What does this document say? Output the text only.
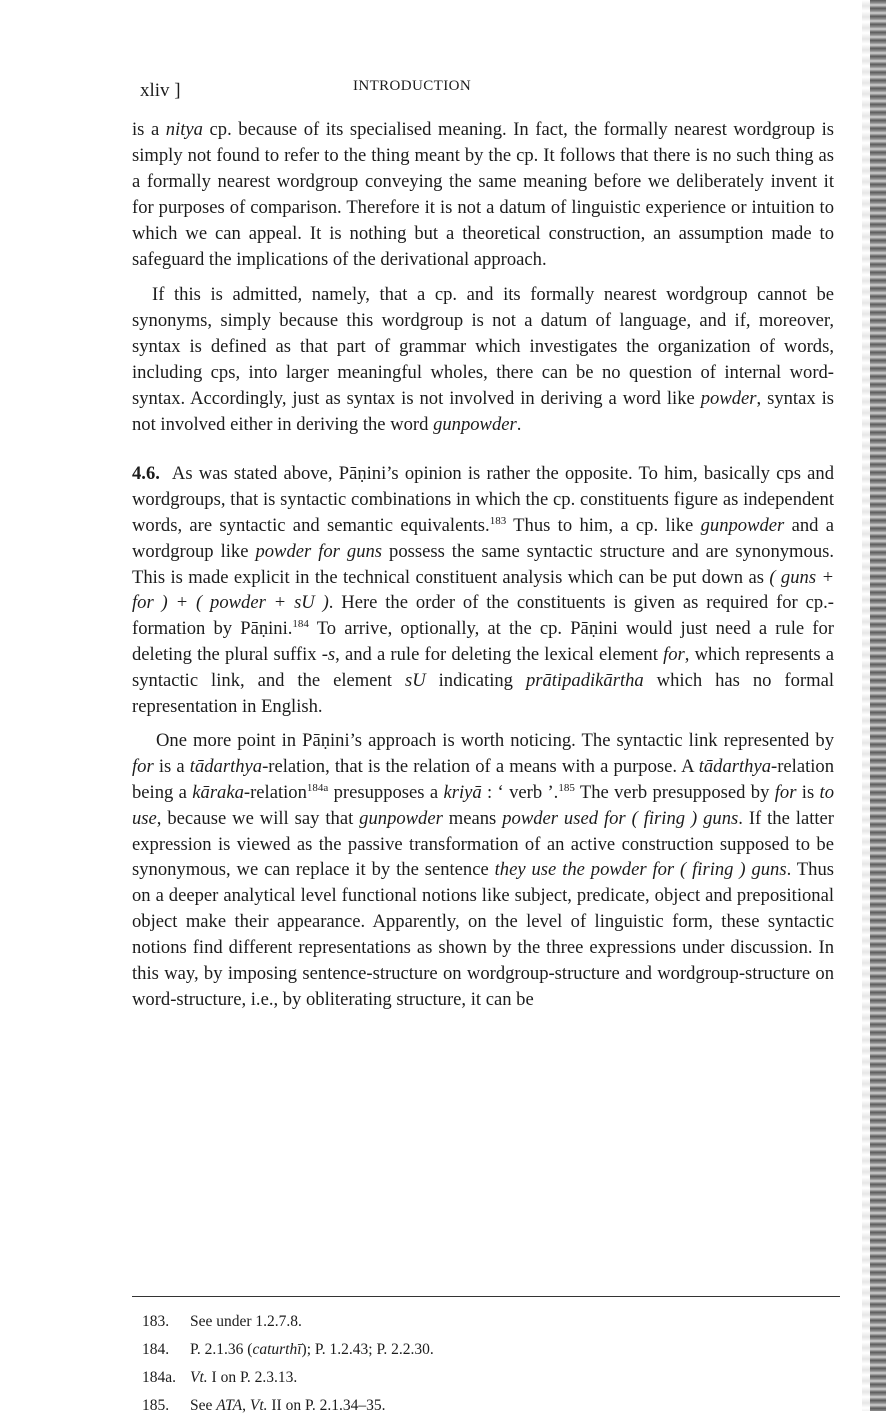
xliv ]	INTRODUCTION

is a nitya cp. because of its specialised meaning. In fact, the formally nearest wordgroup is simply not found to refer to the thing meant by the cp. It follows that there is no such thing as a formally nearest wordgroup conveying the same meaning before we deliberately invent it for purposes of comparison. Therefore it is not a datum of linguistic experience or intuition to which we can appeal. It is nothing but a theoretical construction, an assumption made to safeguard the implications of the derivational approach.

If this is admitted, namely, that a cp. and its formally nearest wordgroup cannot be synonyms, simply because this wordgroup is not a datum of language, and if, moreover, syntax is defined as that part of grammar which investigates the organization of words, including cps, into larger meaningful wholes, there can be no question of internal word-syntax. Accordingly, just as syntax is not involved in deriving a word like powder, syntax is not involved either in deriving the word gunpowder.

4.6. As was stated above, Pāṇini’s opinion is rather the opposite. To him, basically cps and wordgroups, that is syntactic combinations in which the cp. constituents figure as independent words, are syntactic and semantic equivalents.$^{183}$ Thus to him, a cp. like gunpowder and a wordgroup like powder for guns possess the same syntactic structure and are synonymous. This is made explicit in the technical constituent analysis which can be put down as ( guns + for ) + ( powder + sU ). Here the order of the constituents is given as required for cp.-formation by Pāṇini.$^{184}$ To arrive, optionally, at the cp. Pāṇini would just need a rule for deleting the plural suffix -s, and a rule for deleting the lexical element for, which represents a syntactic link, and the element sU indicating prātipadikārtha which has no formal representation in English.

One more point in Pāṇini’s approach is worth noticing. The syntactic link represented by for is a tādarthya-relation, that is the relation of a means with a purpose. A tādarthya-relation being a kāraka-relation$^{184a}$ presupposes a kriyā : ‘ verb ’.$^{185}$ The verb presupposed by for is to use, because we will say that gunpowder means powder used for ( firing ) guns. If the latter expression is viewed as the passive transformation of an active construction supposed to be synonymous, we can replace it by the sentence they use the powder for ( firing ) guns. Thus on a deeper analytical level functional notions like subject, predicate, object and prepositional object make their appearance. Apparently, on the level of linguistic form, these syntactic notions find different representations as shown by the three expressions under discussion. In this way, by imposing sentence-structure on wordgroup-structure and wordgroup-structure on word-structure, i.e., by obliterating structure, it can be

183. See under 1.2.7.8.

184. P. 2.1.36 (caturthī); P. 1.2.43; P. 2.2.30.

184a. Vt. I on P. 2.3.13.

185. See ATA, Vt. II on P. 2.1.34–35.
